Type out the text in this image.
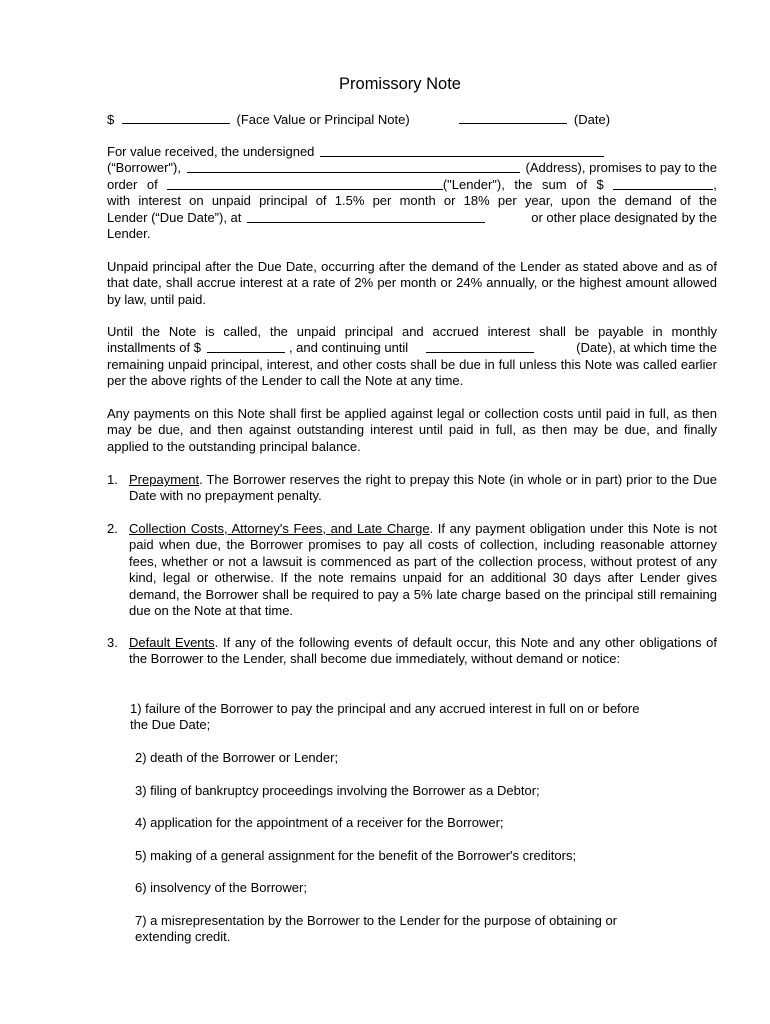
Promissory Note
$	(Face Value or Principal Note)	(Date)
For value received, the undersigned
(“Borrower"),	(Address), promises to pay to the
order of	("Lender"), the sum of $	,
with interest on unpaid principal of 1.5% per month or 18% per year, upon the demand of the
Lender (“Due Date”), at	or other place designated by the
Lender.
Unpaid principal after the Due Date, occurring after the demand of the Lender as stated above and as of that date, shall accrue interest at a rate of 2% per month or 24% annually, or the highest amount allowed by law, until paid.
Until the Note is called, the unpaid principal and accrued interest shall be payable in monthly
installments of $	, and continuing until	(Date), at which time the
remaining unpaid principal, interest, and other costs shall be due in full unless this Note was called earlier per the above rights of the Lender to call the Note at any time.
Any payments on this Note shall first be applied against legal or collection costs until paid in full, as then may be due, and then against outstanding interest until paid in full, as then may be due, and finally applied to the outstanding principal balance.
1. Prepayment. The Borrower reserves the right to prepay this Note (in whole or in part) prior to the Due Date with no prepayment penalty.
2. Collection Costs, Attorney's Fees, and Late Charge. If any payment obligation under this Note is not paid when due, the Borrower promises to pay all costs of collection, including reasonable attorney fees, whether or not a lawsuit is commenced as part of the collection process, without protest of any kind, legal or otherwise. If the note remains unpaid for an additional 30 days after Lender gives demand, the Borrower shall be required to pay a 5% late charge based on the principal still remaining due on the Note at that time.
3. Default Events. If any of the following events of default occur, this Note and any other obligations of the Borrower to the Lender, shall become due immediately, without demand or notice:
1) failure of the Borrower to pay the principal and any accrued interest in full on or before the Due Date;
2) death of the Borrower or Lender;
3) filing of bankruptcy proceedings involving the Borrower as a Debtor;
4) application for the appointment of a receiver for the Borrower;
5) making of a general assignment for the benefit of the Borrower's creditors;
6) insolvency of the Borrower;
7) a misrepresentation by the Borrower to the Lender for the purpose of obtaining or extending credit.
